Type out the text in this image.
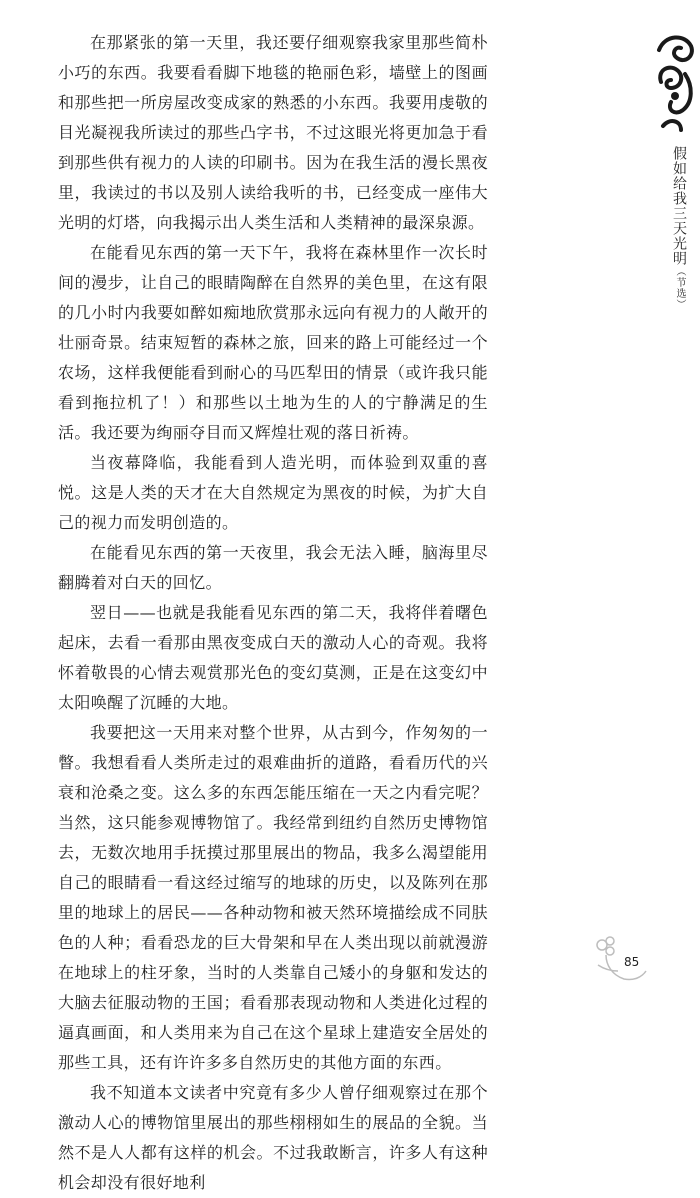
在那紧张的第一天里，我还要仔细观察我家里那些简朴小巧的东西。我要看看脚下地毯的艳丽色彩，墙壁上的图画和那些把一所房屋改变成家的熟悉的小东西。我要用虔敬的目光凝视我所读过的那些凸字书，不过这眼光将更加急于看到那些供有视力的人读的印刷书。因为在我生活的漫长黑夜里，我读过的书以及别人读给我听的书，已经变成一座伟大光明的灯塔，向我揭示出人类生活和人类精神的最深泉源。

在能看见东西的第一天下午，我将在森林里作一次长时间的漫步，让自己的眼睛陶醉在自然界的美色里，在这有限的几小时内我要如醉如痴地欣赏那永远向有视力的人敞开的壮丽奇景。结束短暂的森林之旅，回来的路上可能经过一个农场，这样我便能看到耐心的马匹犁田的情景（或许我只能看到拖拉机了！）和那些以土地为生的人的宁静满足的生活。我还要为绚丽夺目而又辉煌壮观的落日祈祷。

当夜幕降临，我能看到人造光明，而体验到双重的喜悦。这是人类的天才在大自然规定为黑夜的时候，为扩大自己的视力而发明创造的。

在能看见东西的第一天夜里，我会无法入睡，脑海里尽翻腾着对白天的回忆。

翌日——也就是我能看见东西的第二天，我将伴着曙色起床，去看一看那由黑夜变成白天的激动人心的奇观。我将怀着敬畏的心情去观赏那光色的变幻莫测，正是在这变幻中太阳唤醒了沉睡的大地。

我要把这一天用来对整个世界，从古到今，作匆匆的一瞥。我想看看人类所走过的艰难曲折的道路，看看历代的兴衰和沧桑之变。这么多的东西怎能压缩在一天之内看完呢？当然，这只能参观博物馆了。我经常到纽约自然历史博物馆去，无数次地用手抚摸过那里展出的物品，我多么渴望能用自己的眼睛看一看这经过缩写的地球的历史，以及陈列在那里的地球上的居民——各种动物和被天然环境描绘成不同肤色的人种；看看恐龙的巨大骨架和早在人类出现以前就漫游在地球上的柱牙象，当时的人类靠自己矮小的身躯和发达的大脑去征服动物的王国；看看那表现动物和人类进化过程的逼真画面，和人类用来为自己在这个星球上建造安全居处的那些工具，还有许许多多自然历史的其他方面的东西。

我不知道本文读者中究竟有多少人曾仔细观察过在那个激动人心的博物馆里展出的那些栩栩如生的展品的全貌。当然不是人人都有这样的机会。不过我敢断言，许多人有这种机会却没有很好地利

假如给我三天光明（节选）
85
